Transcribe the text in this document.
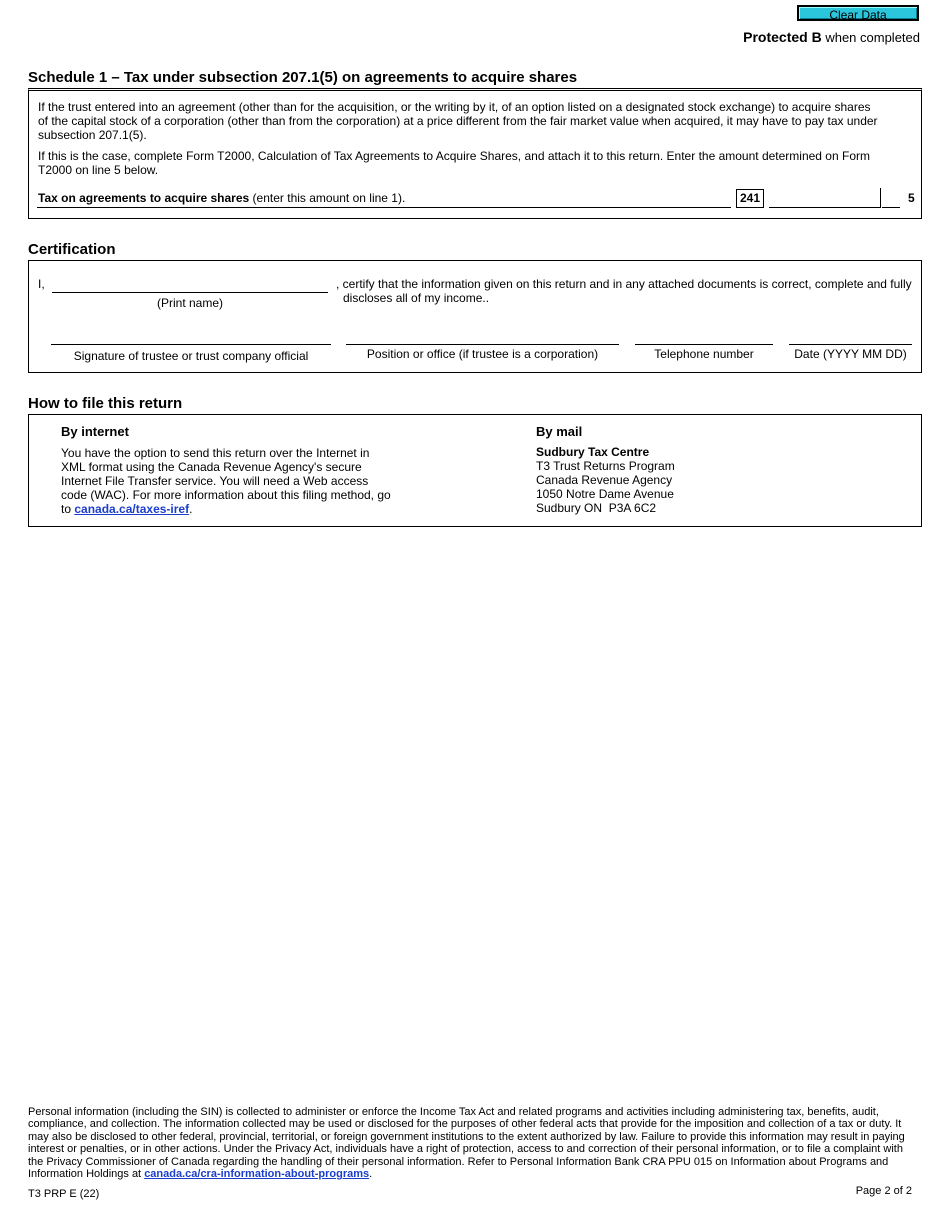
Clear Data
Protected B when completed
Schedule 1 – Tax under subsection 207.1(5) on agreements to acquire shares

If the trust entered into an agreement (other than for the acquisition, or the writing by it, of an option listed on a designated stock exchange) to acquire shares of the capital stock of a corporation (other than from the corporation) at a price different from the fair market value when acquired, it may have to pay tax under subsection 207.1(5).

If this is the case, complete Form T2000, Calculation of Tax Agreements to Acquire Shares, and attach it to this return. Enter the amount determined on Form T2000 on line 5 below.

Tax on agreements to acquire shares (enter this amount on line 1).	241	5
Certification
I,
(Print name)

, certify that the information given on this return and in any attached documents is correct, complete and fully discloses all of my income..

Signature of trustee or trust company official	Position or office (if trustee is a corporation)	Telephone number	Date (YYYY MM DD)
How to file this return
By internet

You have the option to send this return over the Internet in XML format using the Canada Revenue Agency's secure Internet File Transfer service. You will need a Web access code (WAC). For more information about this filing method, go to canada.ca/taxes-iref.

By mail
Sudbury Tax Centre
T3 Trust Returns Program
Canada Revenue Agency
1050 Notre Dame Avenue
Sudbury ON  P3A 6C2

Personal information (including the SIN) is collected to administer or enforce the Income Tax Act and related programs and activities including administering tax, benefits, audit, compliance, and collection. The information collected may be used or disclosed for the purposes of other federal acts that provide for the imposition and collection of a tax or duty. It may also be disclosed to other federal, provincial, territorial, or foreign government institutions to the extent authorized by law. Failure to provide this information may result in paying interest or penalties, or in other actions. Under the Privacy Act, individuals have a right of protection, access to and correction of their personal information, or to file a complaint with the Privacy Commissioner of Canada regarding the handling of their personal information. Refer to Personal Information Bank CRA PPU 015 on Information about Programs and Information Holdings at canada.ca/cra-information-about-programs.

T3 PRP E (22)	Page 2 of 2
